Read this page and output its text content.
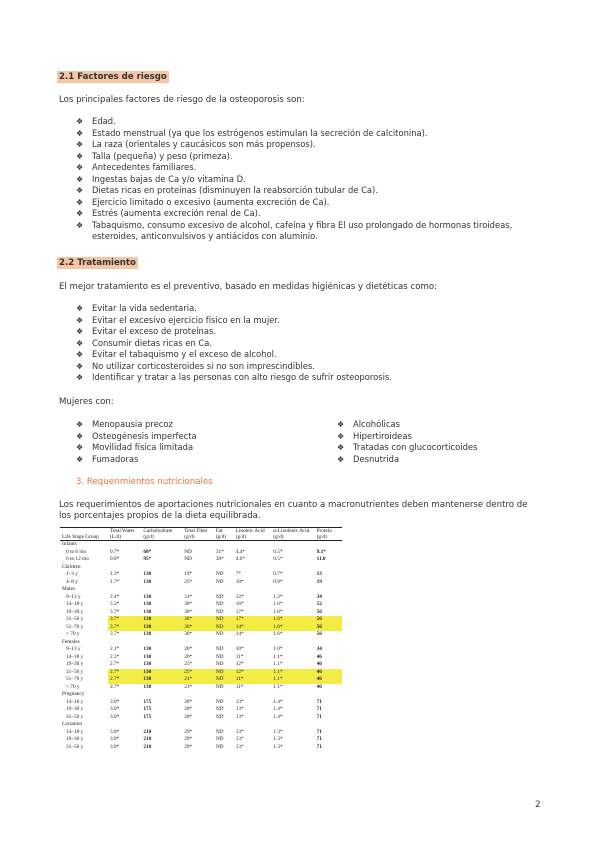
2.1 Factores de riesgo
Los principales factores de riesgo de la osteoporosis son:
❖ Edad.
❖ Estado menstrual (ya que los estrógenos estimulan la secreción de calcitonina).
❖ La raza (orientales y caucásicos son más propensos).
❖ Talla (pequeña) y peso (primeza).
❖ Antecedentes familiares.
❖ Ingestas bajas de Ca y/o vitamina D.
❖ Dietas ricas en proteínas (disminuyen la reabsorción tubular de Ca).
❖ Ejercicio limitado o excesivo (aumenta excreción de Ca).
❖ Estrés (aumenta excreción renal de Ca).
❖ Tabaquismo, consumo excesivo de alcohol, cafeína y fibra El uso prolongado de hormonas tiroideas, esteroides, anticonvulsivos y antiácidos con aluminio.
2.2 Tratamiento
El mejor tratamiento es el preventivo, basado en medidas higiénicas y dietéticas como:
❖ Evitar la vida sedentaria.
❖ Evitar el excesivo ejercicio físico en la mujer.
❖ Evitar el exceso de proteínas.
❖ Consumir dietas ricas en Ca.
❖ Evitar el tabaquismo y el exceso de alcohol.
❖ No utilizar corticosteroides si no son imprescindibles.
❖ Identificar y tratar a las personas con alto riesgo de sufrir osteoporosis.
Mujeres con:
❖ Menopausia precoz
❖ Osteogénesis imperfecta
❖ Movilidad física limitada
❖ Fumadoras
❖ Alcohólicas
❖ Hipertiroideas
❖ Tratadas con glucocorticoides
❖ Desnutrida
3. Requerimientos nutricionales
Los requerimientos de aportaciones nutricionales en cuanto a macronutrientes deben mantenerse dentro de los porcentajes propios de la dieta equilibrada.
Life Stage Group	Total Water (L/d)	Carbohydrate (g/d)	Total Fiber (g/d)	Fat (g/d)	Linoleic Acid (g/d)	α-Linolenic Acid (g/d)	Protein (g/d)
Infants							
0 to 6 mo	0.7*	60*	ND	31*	4.4*	0.5*	9.1*
6 to 12 mo	0.8*	95*	ND	30*	4.6*	0.5*	11.0
Children							
1–3 y	1.3*	130	19*	ND	7*	0.7*	13
4–8 y	1.7*	130	25*	ND	10*	0.9*	19
Males							
9–13 y	2.4*	130	31*	ND	12*	1.2*	34
14–18 y	3.3*	130	38*	ND	16*	1.6*	52
19–30 y	3.7*	130	38*	ND	17*	1.6*	56
31–50 y	3.7*	130	38*	ND	17*	1.6*	56
51–70 y	3.7*	130	30*	ND	14*	1.6*	56
> 70 y	3.7*	130	30*	ND	14*	1.6*	56
Females							
9–13 y	2.1*	130	26*	ND	10*	1.0*	34
14–18 y	2.3*	130	26*	ND	11*	1.1*	46
19–30 y	2.7*	130	25*	ND	12*	1.1*	46
31–50 y	2.7*	130	25*	ND	12*	1.1*	46
51–70 y	2.7*	130	21*	ND	11*	1.1*	46
> 70 y	2.7*	130	21*	ND	11*	1.1*	46
Pregnancy							
14–18 y	3.0*	175	28*	ND	13*	1.4*	71
19–30 y	3.0*	175	28*	ND	13*	1.4*	71
31–50 y	3.0*	175	28*	ND	13*	1.4*	71
Lactation							
14–18 y	3.8*	210	29*	ND	13*	1.3*	71
19–30 y	3.8*	210	29*	ND	13*	1.3*	71
31–50 y	3.8*	210	29*	ND	13*	1.3*	71
2
